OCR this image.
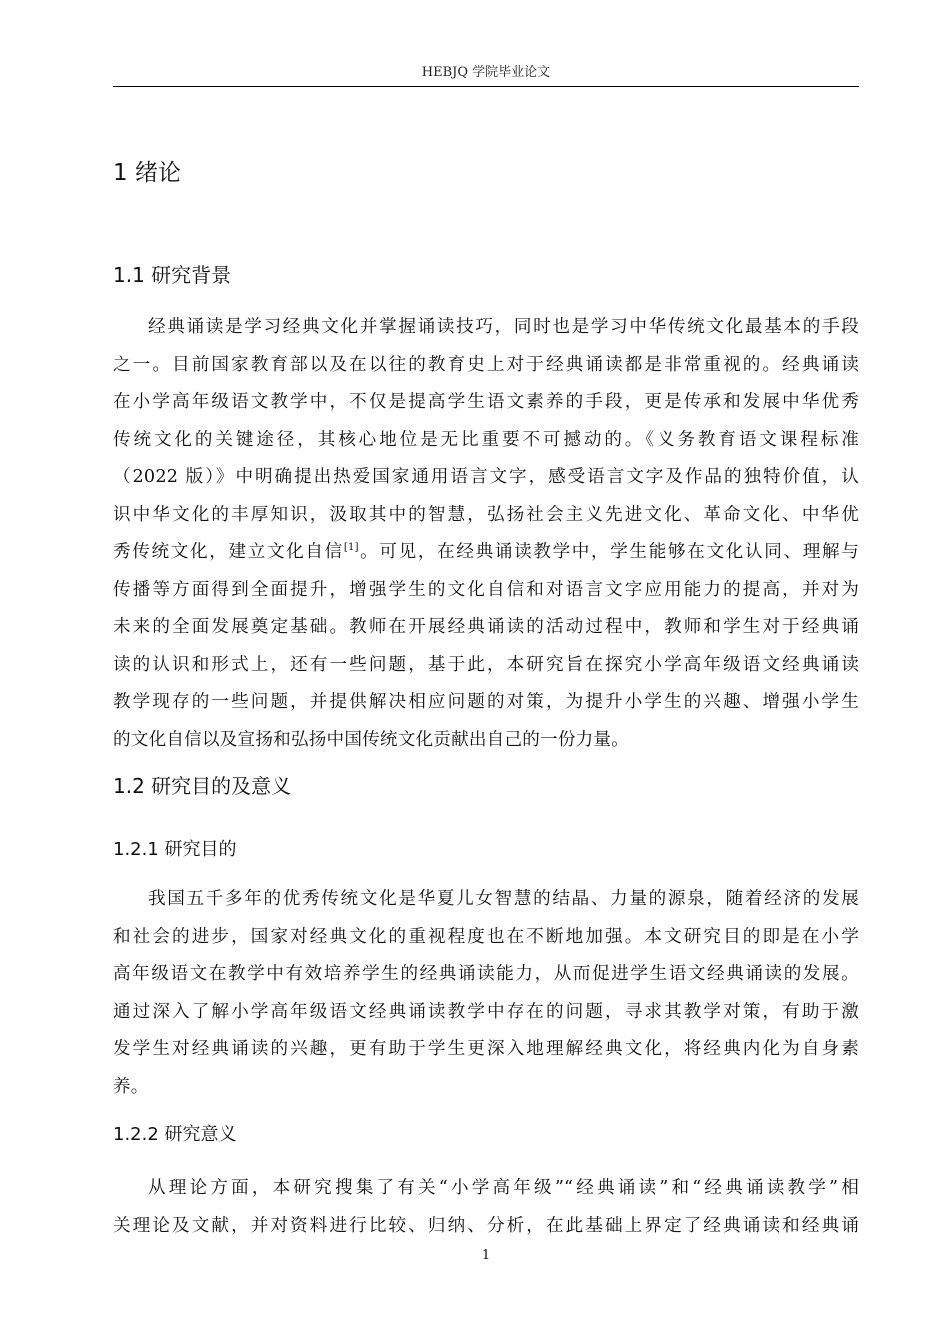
HEBJQ 学院毕业论文
1 绪论
1.1 研究背景
经典诵读是学习经典文化并掌握诵读技巧，同时也是学习中华传统文化最基本的手段
之一。目前国家教育部以及在以往的教育史上对于经典诵读都是非常重视的。经典诵读
在小学高年级语文教学中，不仅是提高学生语文素养的手段，更是传承和发展中华优秀
传统文化的关键途径，其核心地位是无比重要不可撼动的。《义务教育语文课程标准
（2022 版）》中明确提出热爱国家通用语言文字，感受语言文字及作品的独特价值，认
识中华文化的丰厚知识，汲取其中的智慧，弘扬社会主义先进文化、革命文化、中华优
秀传统文化，建立文化自信[1]。可见，在经典诵读教学中，学生能够在文化认同、理解与
传播等方面得到全面提升，增强学生的文化自信和对语言文字应用能力的提高，并对为
未来的全面发展奠定基础。教师在开展经典诵读的活动过程中，教师和学生对于经典诵
读的认识和形式上，还有一些问题，基于此，本研究旨在探究小学高年级语文经典诵读
教学现存的一些问题，并提供解决相应问题的对策，为提升小学生的兴趣、增强小学生
的文化自信以及宣扬和弘扬中国传统文化贡献出自己的一份力量。
1.2 研究目的及意义
1.2.1 研究目的
我国五千多年的优秀传统文化是华夏儿女智慧的结晶、力量的源泉，随着经济的发展
和社会的进步，国家对经典文化的重视程度也在不断地加强。本文研究目的即是在小学
高年级语文在教学中有效培养学生的经典诵读能力，从而促进学生语文经典诵读的发展。
通过深入了解小学高年级语文经典诵读教学中存在的问题，寻求其教学对策，有助于激
发学生对经典诵读的兴趣，更有助于学生更深入地理解经典文化，将经典内化为自身素
养。
1.2.2 研究意义
从理论方面，本研究搜集了有关“小学高年级”“经典诵读”和“经典诵读教学”相
关理论及文献，并对资料进行比较、归纳、分析，在此基础上界定了经典诵读和经典诵
1
